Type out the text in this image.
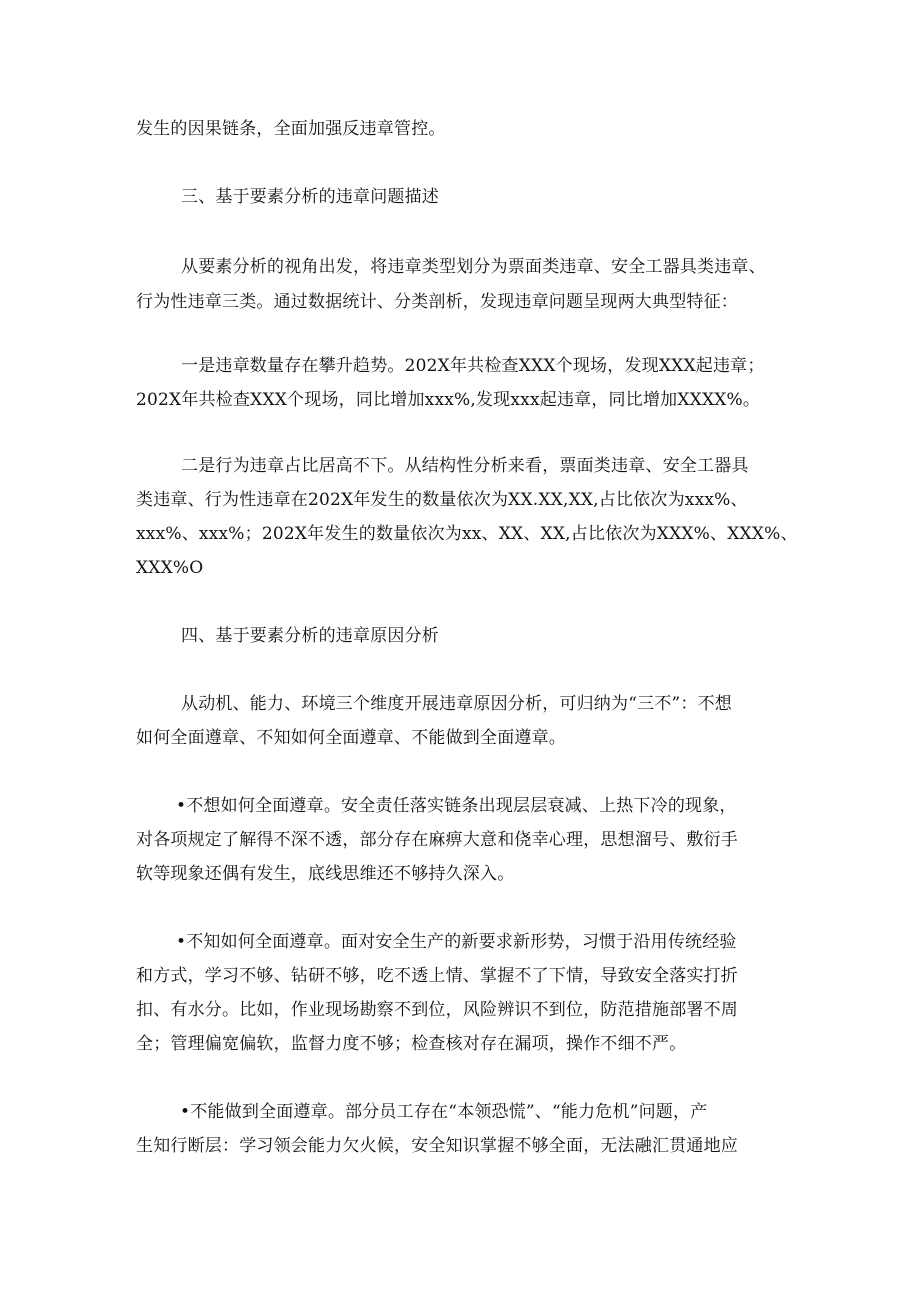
发生的因果链条，全面加强反违章管控。
三、基于要素分析的违章问题描述
从要素分析的视角出发，将违章类型划分为票面类违章、安全工器具类违章、
行为性违章三类。通过数据统计、分类剖析，发现违章问题呈现两大典型特征：
一是违章数量存在攀升趋势。202X年共检查XXX个现场，发现XXX起违章；
202X年共检查XXX个现场，同比增加xxx%,发现xxx起违章，同比增加XXXX%。
二是行为违章占比居高不下。从结构性分析来看，票面类违章、安全工器具
类违章、行为性违章在202X年发生的数量依次为XX.XX,XX,占比依次为xxx%、
xxx%、xxx%；202X年发生的数量依次为xx、XX、XX,占比依次为XXX%、XXX%、
XXX%O
四、基于要素分析的违章原因分析
从动机、能力、环境三个维度开展违章原因分析，可归纳为“三不”：不想
如何全面遵章、不知如何全面遵章、不能做到全面遵章。
•不想如何全面遵章。安全责任落实链条出现层层衰减、上热下冷的现象，
对各项规定了解得不深不透，部分存在麻痹大意和侥幸心理，思想溜号、敷衍手
软等现象还偶有发生，底线思维还不够持久深入。
•不知如何全面遵章。面对安全生产的新要求新形势，习惯于沿用传统经验
和方式，学习不够、钻研不够，吃不透上情、掌握不了下情，导致安全落实打折
扣、有水分。比如，作业现场勘察不到位，风险辨识不到位，防范措施部署不周
全；管理偏宽偏软，监督力度不够；检查核对存在漏项，操作不细不严。
•不能做到全面遵章。部分员工存在“本领恐慌”、“能力危机”问题，产
生知行断层：学习领会能力欠火候，安全知识掌握不够全面，无法融汇贯通地应
